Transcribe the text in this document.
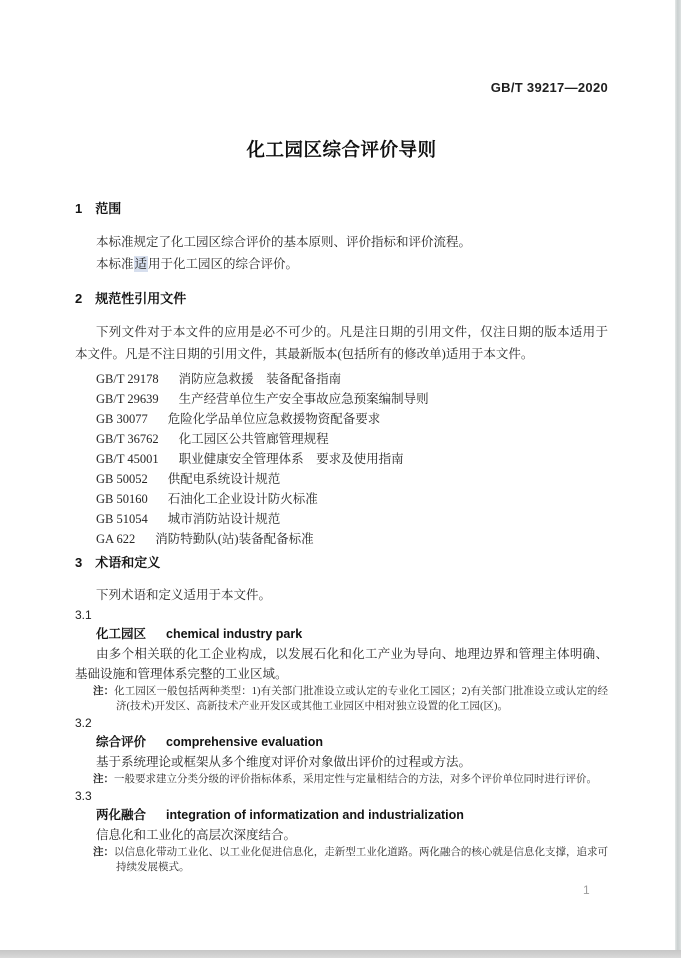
GB/T 39217—2020
化工园区综合评价导则
1 范围

本标准规定了化工园区综合评价的基本原则、评价指标和评价流程。

本标准适用于化工园区的综合评价。

2 规范性引用文件

下列文件对于本文件的应用是必不可少的。凡是注日期的引用文件，仅注日期的版本适用于本文件。凡是不注日期的引用文件，其最新版本(包括所有的修改单)适用于本文件。

GB/T 29178 消防应急救援　装备配备指南
GB/T 29639 生产经营单位生产安全事故应急预案编制导则
GB 30077 危险化学品单位应急救援物资配备要求
GB/T 36762 化工园区公共管廊管理规程
GB/T 45001 职业健康安全管理体系　要求及使用指南
GB 50052 供配电系统设计规范
GB 50160 石油化工企业设计防火标准
GB 51054 城市消防站设计规范
GA 622 消防特勤队(站)装备配备标准
3 术语和定义

下列术语和定义适用于本文件。

3.1
化工园区 chemical industry park

由多个相关联的化工企业构成，以发展石化和化工产业为导向、地理边界和管理主体明确、基础设施和管理体系完整的工业区域。

注：化工园区一般包括两种类型：1)有关部门批准设立或认定的专业化工园区；2)有关部门批准设立或认定的经济(技术)开发区、高新技术产业开发区或其他工业园区中相对独立设置的化工园(区)。

3.2
综合评价 comprehensive evaluation

基于系统理论或框架从多个维度对评价对象做出评价的过程或方法。

注：一般要求建立分类分级的评价指标体系，采用定性与定量相结合的方法，对多个评价单位同时进行评价。

3.3
两化融合 integration of informatization and industrialization

信息化和工业化的高层次深度结合。

注：以信息化带动工业化、以工业化促进信息化，走新型工业化道路。两化融合的核心就是信息化支撑，追求可持续发展模式。

1
